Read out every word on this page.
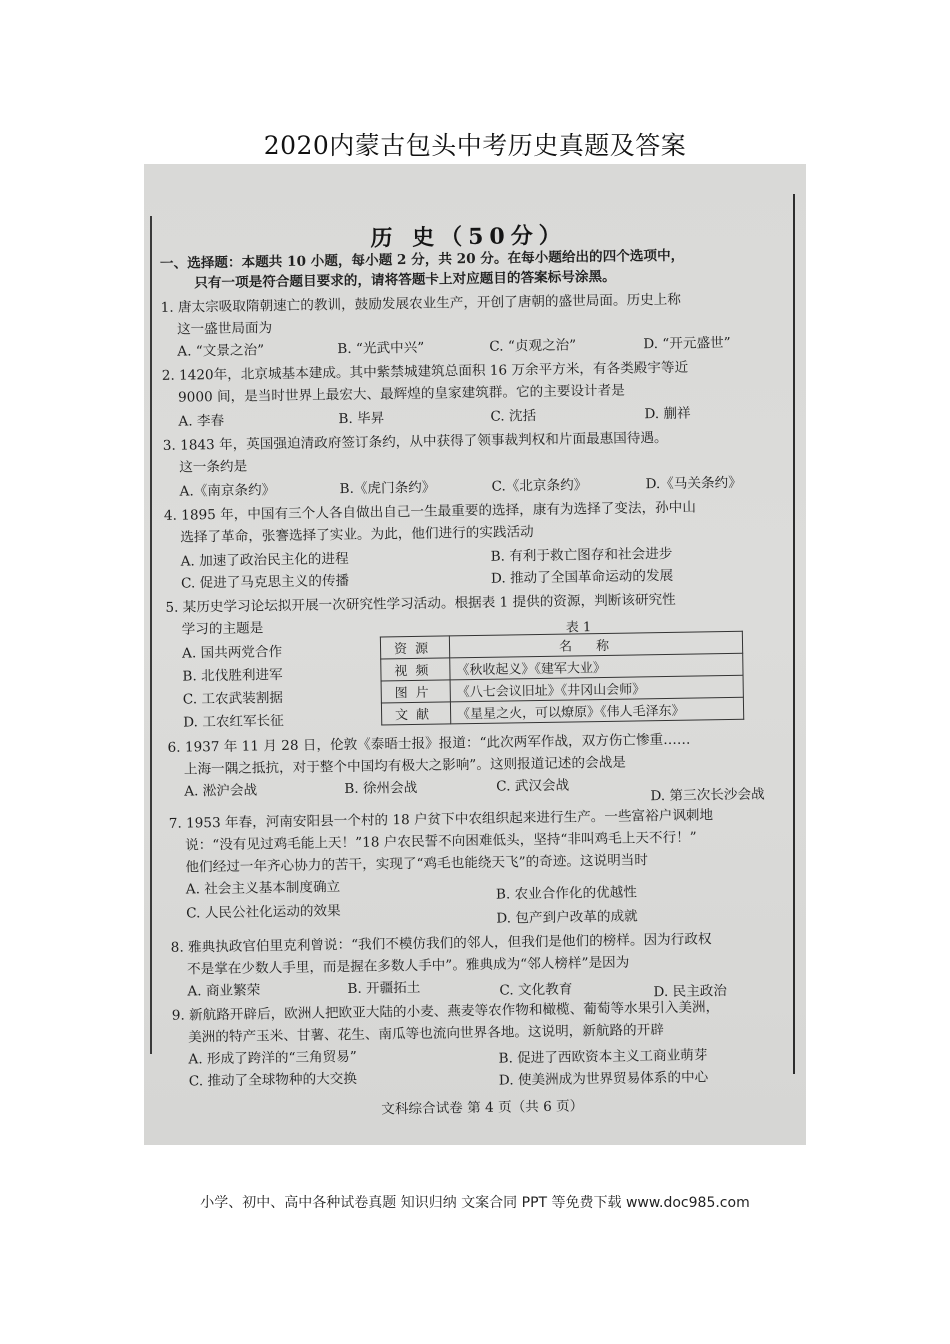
2020内蒙古包头中考历史真题及答案
历 史（50分）
一、选择题：本题共 10 小题，每小题 2 分，共 20 分。在每小题给出的四个选项中，
只有一项是符合题目要求的，请将答题卡上对应题目的答案标号涂黑。
1. 唐太宗吸取隋朝速亡的教训，鼓励发展农业生产，开创了唐朝的盛世局面。历史上称
这一盛世局面为
A. “文景之治”	B. “光武中兴”	C. “贞观之治”	D. “开元盛世”
2. 1420年，北京城基本建成。其中紫禁城建筑总面积 16 万余平方米，有各类殿宇等近
9000 间，是当时世界上最宏大、最辉煌的皇家建筑群。它的主要设计者是
A. 李春	B. 毕昇	C. 沈括	D. 蒯祥
3. 1843 年，英国强迫清政府签订条约，从中获得了领事裁判权和片面最惠国待遇。
这一条约是
A.《南京条约》	B.《虎门条约》	C.《北京条约》	D.《马关条约》
4. 1895 年，中国有三个人各自做出自己一生最重要的选择，康有为选择了变法，孙中山
选择了革命，张謇选择了实业。为此，他们进行的实践活动
A. 加速了政治民主化的进程	B. 有利于救亡图存和社会进步
C. 促进了马克思主义的传播	D. 推动了全国革命运动的发展
5. 某历史学习论坛拟开展一次研究性学习活动。根据表 1 提供的资源，判断该研究性
学习的主题是
A. 国共两党合作
B. 北伐胜利进军
C. 工农武装割据
D. 工农红军长征
表 1
资源	名称
视频	《秋收起义》《建军大业》
图片	《八七会议旧址》《井冈山会师》
文献	《星星之火，可以燎原》《伟人毛泽东》
6. 1937 年 11 月 28 日，伦敦《泰晤士报》报道：“此次两军作战，双方伤亡惨重……
上海一隅之抵抗，对于整个中国均有极大之影响”。这则报道记述的会战是
A. 淞沪会战	B. 徐州会战	C. 武汉会战
D. 第三次长沙会战
7. 1953 年春，河南安阳县一个村的 18 户贫下中农组织起来进行生产。一些富裕户讽刺地
说：“没有见过鸡毛能上天！”18 户农民誓不向困难低头，坚持“非叫鸡毛上天不行！”
他们经过一年齐心协力的苦干，实现了“鸡毛也能绕天飞”的奇迹。这说明当时
A. 社会主义基本制度确立	B. 农业合作化的优越性
C. 人民公社化运动的效果	D. 包产到户改革的成就
8. 雅典执政官伯里克利曾说：“我们不模仿我们的邻人，但我们是他们的榜样。因为行政权
不是掌在少数人手里，而是握在多数人手中”。雅典成为“邻人榜样”是因为
A. 商业繁荣	B. 开疆拓土	C. 文化教育	D. 民主政治
9. 新航路开辟后，欧洲人把欧亚大陆的小麦、燕麦等农作物和橄榄、葡萄等水果引入美洲，
美洲的特产玉米、甘薯、花生、南瓜等也流向世界各地。这说明，新航路的开辟
A. 形成了跨洋的“三角贸易”	B. 促进了西欧资本主义工商业萌芽
C. 推动了全球物种的大交换	D. 使美洲成为世界贸易体系的中心
文科综合试卷 第 4 页（共 6 页）
小学、初中、高中各种试卷真题 知识归纳 文案合同 PPT 等免费下载 www.doc985.com
